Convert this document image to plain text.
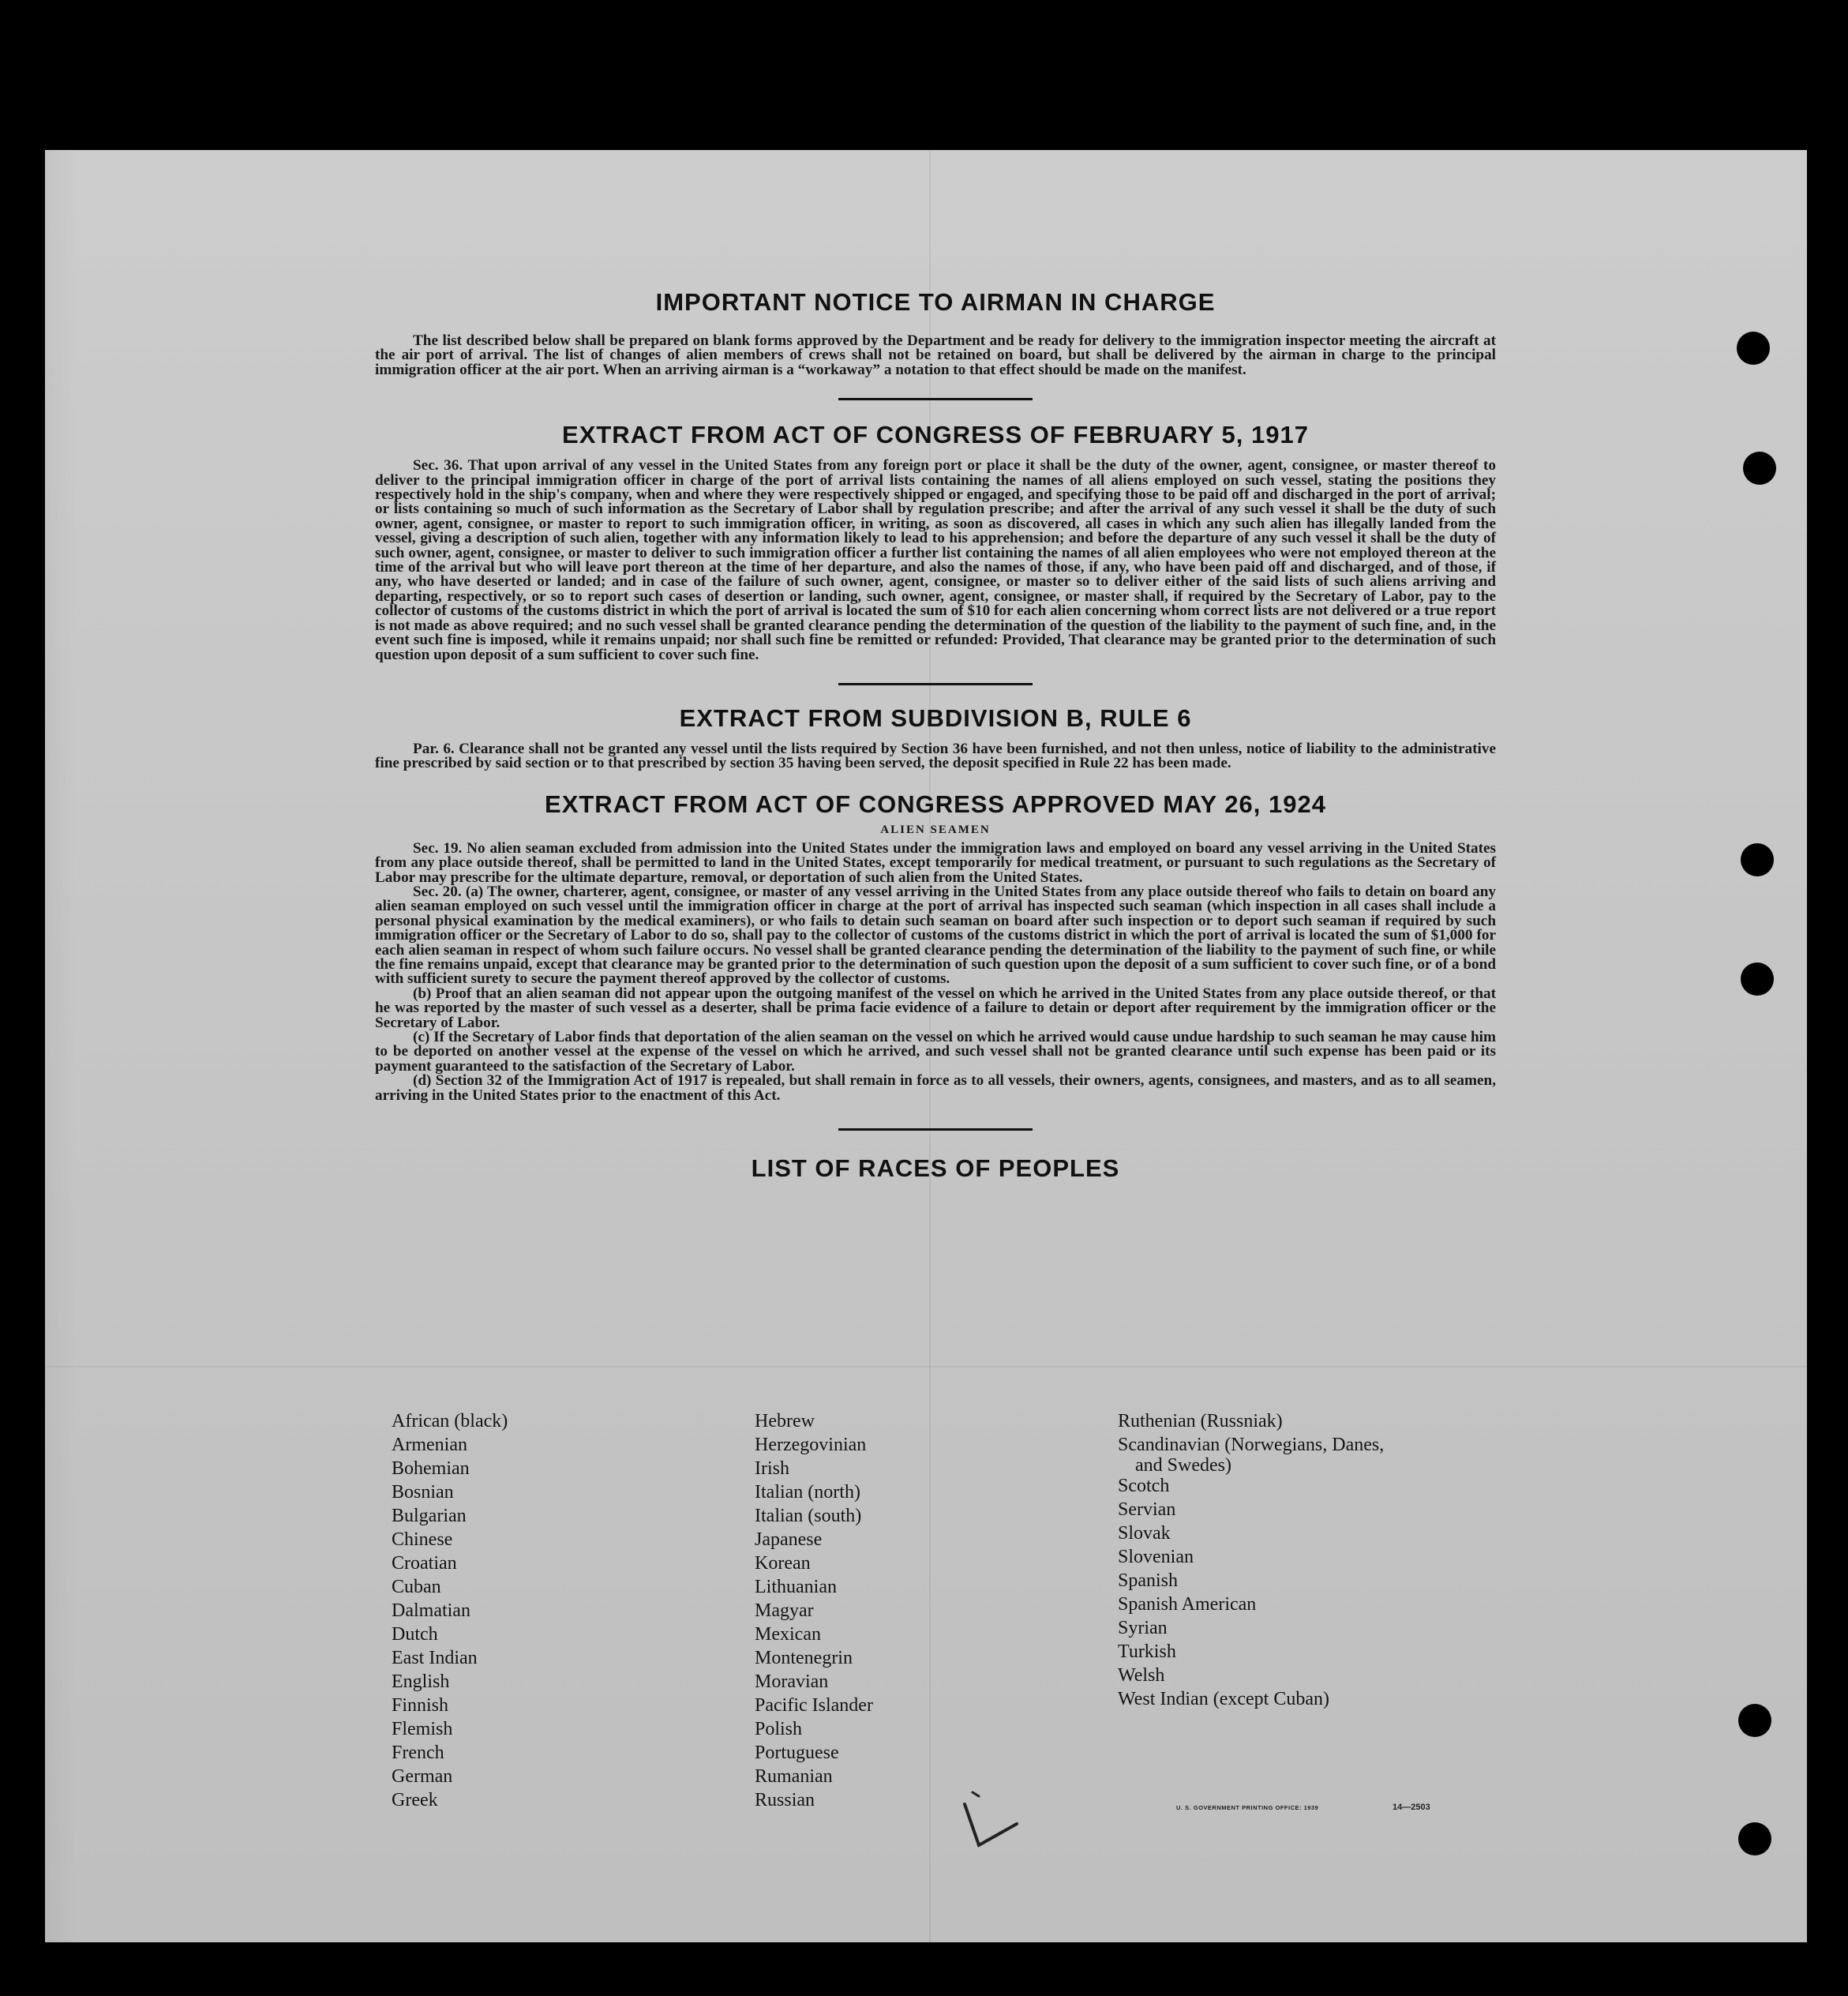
IMPORTANT NOTICE TO AIRMAN IN CHARGE

The list described below shall be prepared on blank forms approved by the Department and be ready for delivery to the immigration inspector meeting the aircraft at the air port of arrival. The list of changes of alien members of crews shall not be retained on board, but shall be delivered by the airman in charge to the principal immigration officer at the air port. When an arriving airman is a “workaway” a notation to that effect should be made on the manifest.

EXTRACT FROM ACT OF CONGRESS OF FEBRUARY 5, 1917

Sec. 36. That upon arrival of any vessel in the United States from any foreign port or place it shall be the duty of the owner, agent, consignee, or master thereof to deliver to the principal immigration officer in charge of the port of arrival lists containing the names of all aliens employed on such vessel, stating the positions they respectively hold in the ship's company, when and where they were respectively shipped or engaged, and specifying those to be paid off and discharged in the port of arrival; or lists containing so much of such information as the Secretary of Labor shall by regulation prescribe; and after the arrival of any such vessel it shall be the duty of such owner, agent, consignee, or master to report to such immigration officer, in writing, as soon as discovered, all cases in which any such alien has illegally landed from the vessel, giving a description of such alien, together with any information likely to lead to his apprehension; and before the departure of any such vessel it shall be the duty of such owner, agent, consignee, or master to deliver to such immigration officer a further list containing the names of all alien employees who were not employed thereon at the time of the arrival but who will leave port thereon at the time of her departure, and also the names of those, if any, who have been paid off and discharged, and of those, if any, who have deserted or landed; and in case of the failure of such owner, agent, consignee, or master so to deliver either of the said lists of such aliens arriving and departing, respectively, or so to report such cases of desertion or landing, such owner, agent, consignee, or master shall, if required by the Secretary of Labor, pay to the collector of customs of the customs district in which the port of arrival is located the sum of $10 for each alien concerning whom correct lists are not delivered or a true report is not made as above required; and no such vessel shall be granted clearance pending the determination of the question of the liability to the payment of such fine, and, in the event such fine is imposed, while it remains unpaid; nor shall such fine be remitted or refunded: Provided, That clearance may be granted prior to the determination of such question upon deposit of a sum sufficient to cover such fine.

EXTRACT FROM SUBDIVISION B, RULE 6

Par. 6. Clearance shall not be granted any vessel until the lists required by Section 36 have been furnished, and not then unless, notice of liability to the administrative fine prescribed by said section or to that prescribed by section 35 having been served, the deposit specified in Rule 22 has been made.

EXTRACT FROM ACT OF CONGRESS APPROVED MAY 26, 1924
ALIEN SEAMEN

Sec. 19. No alien seaman excluded from admission into the United States under the immigration laws and employed on board any vessel arriving in the United States from any place outside thereof, shall be permitted to land in the United States, except temporarily for medical treatment, or pursuant to such regulations as the Secretary of Labor may prescribe for the ultimate departure, removal, or deportation of such alien from the United States.

Sec. 20. (a) The owner, charterer, agent, consignee, or master of any vessel arriving in the United States from any place outside thereof who fails to detain on board any alien seaman employed on such vessel until the immigration officer in charge at the port of arrival has inspected such seaman (which inspection in all cases shall include a personal physical examination by the medical examiners), or who fails to detain such seaman on board after such inspection or to deport such seaman if required by such immigration officer or the Secretary of Labor to do so, shall pay to the collector of customs of the customs district in which the port of arrival is located the sum of $1,000 for each alien seaman in respect of whom such failure occurs. No vessel shall be granted clearance pending the determination of the liability to the payment of such fine, or while the fine remains unpaid, except that clearance may be granted prior to the determination of such question upon the deposit of a sum sufficient to cover such fine, or of a bond with sufficient surety to secure the payment thereof approved by the collector of customs.

(b) Proof that an alien seaman did not appear upon the outgoing manifest of the vessel on which he arrived in the United States from any place outside thereof, or that he was reported by the master of such vessel as a deserter, shall be prima facie evidence of a failure to detain or deport after requirement by the immigration officer or the Secretary of Labor.

(c) If the Secretary of Labor finds that deportation of the alien seaman on the vessel on which he arrived would cause undue hardship to such seaman he may cause him to be deported on another vessel at the expense of the vessel on which he arrived, and such vessel shall not be granted clearance until such expense has been paid or its payment guaranteed to the satisfaction of the Secretary of Labor.

(d) Section 32 of the Immigration Act of 1917 is repealed, but shall remain in force as to all vessels, their owners, agents, consignees, and masters, and as to all seamen, arriving in the United States prior to the enactment of this Act.

LIST OF RACES OF PEOPLES
African (black)
Armenian
Bohemian
Bosnian
Bulgarian
Chinese
Croatian
Cuban
Dalmatian
Dutch
East Indian
English
Finnish
Flemish
French
German
Greek
Hebrew
Herzegovinian
Irish
Italian (north)
Italian (south)
Japanese
Korean
Lithuanian
Magyar
Mexican
Montenegrin
Moravian
Pacific Islander
Polish
Portuguese
Rumanian
Russian
Ruthenian (Russniak)
Scandinavian (Norwegians, Danes,
and Swedes)
Scotch
Servian
Slovak
Slovenian
Spanish
Spanish American
Syrian
Turkish
Welsh
West Indian (except Cuban)
U. S. GOVERNMENT PRINTING OFFICE: 1939	14—2503
